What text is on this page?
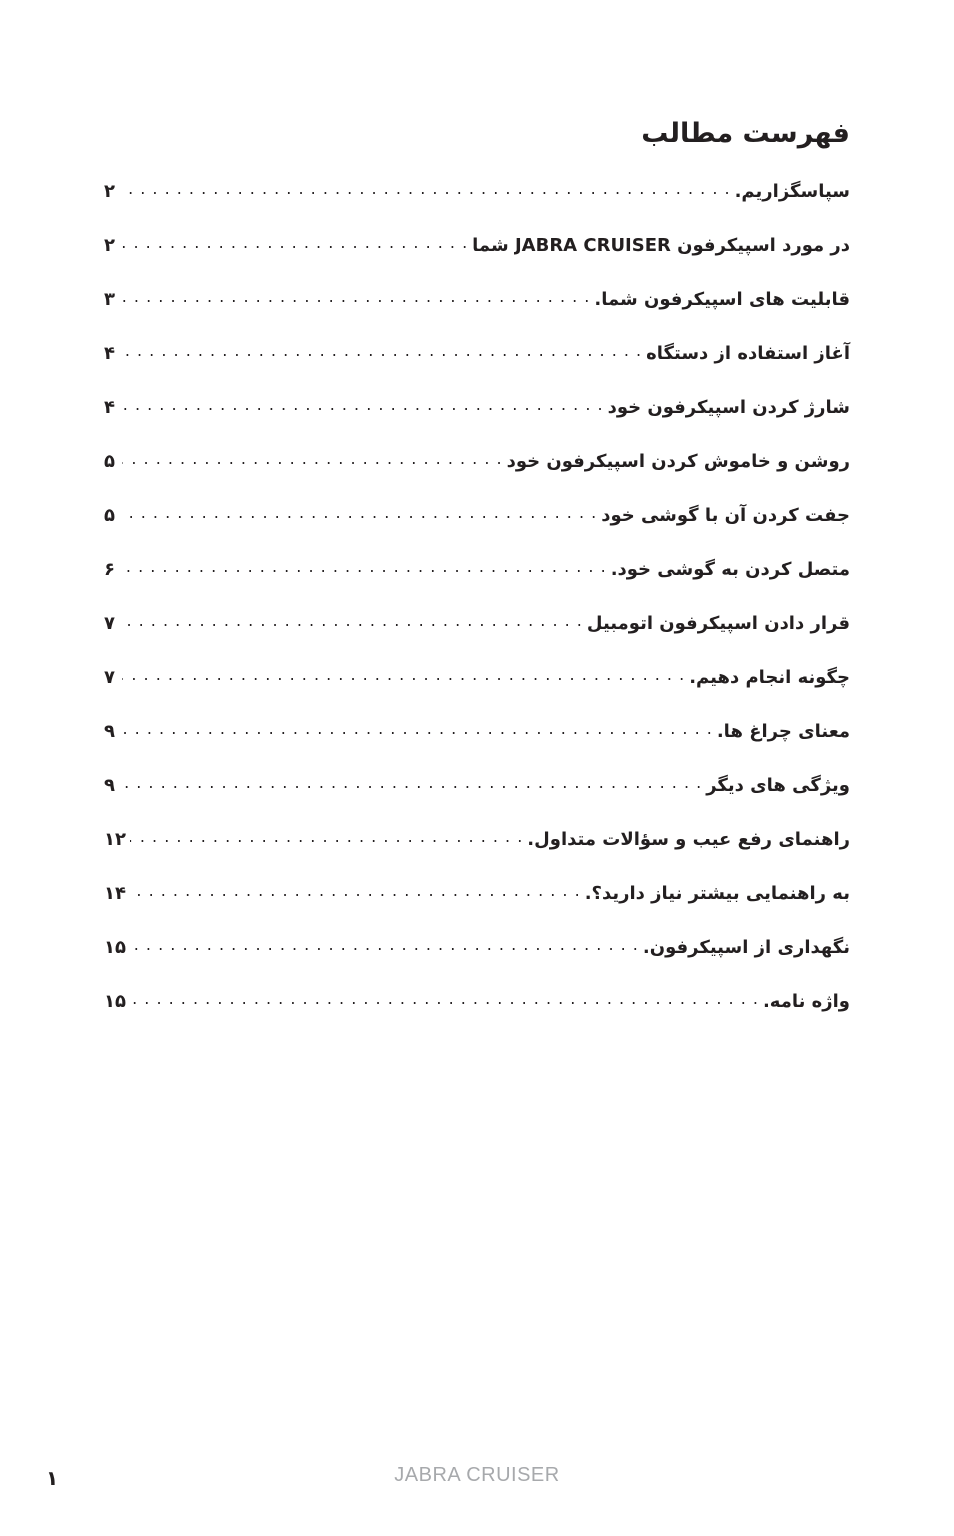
فهرست مطالب
سپاسگزاریم.
. . .
۲
در مورد اسپیکرفون JABRA CRUISER شما
. . .
۲
قابلیت های اسپیکرفون شما.
. . .
۳
آغاز استفاده از دستگاه
. . .
۴
شارژ کردن اسپیکرفون خود
. . .
۴
روشن و خاموش کردن اسپیکرفون خود
. . .
۵
جفت کردن آن با گوشی خود
. . .
۵
متصل کردن به گوشی خود.
. . .
۶
قرار دادن اسپیکرفون اتومبیل
. . .
۷
چگونه انجام دهیم.
. . .
۷
معنای چراغ ها.
. . .
۹
ویژگی های دیگر
. . .
۹
راهنمای رفع عیب و سؤالات متداول.
. . .
۱۲
به راهنمایی بیشتر نیاز دارید؟.
. . .
۱۴
نگهداری از اسپیکرفون.
. . .
۱۵
واژه نامه.
. . .
۱۵
JABRA CRUISER
۱
